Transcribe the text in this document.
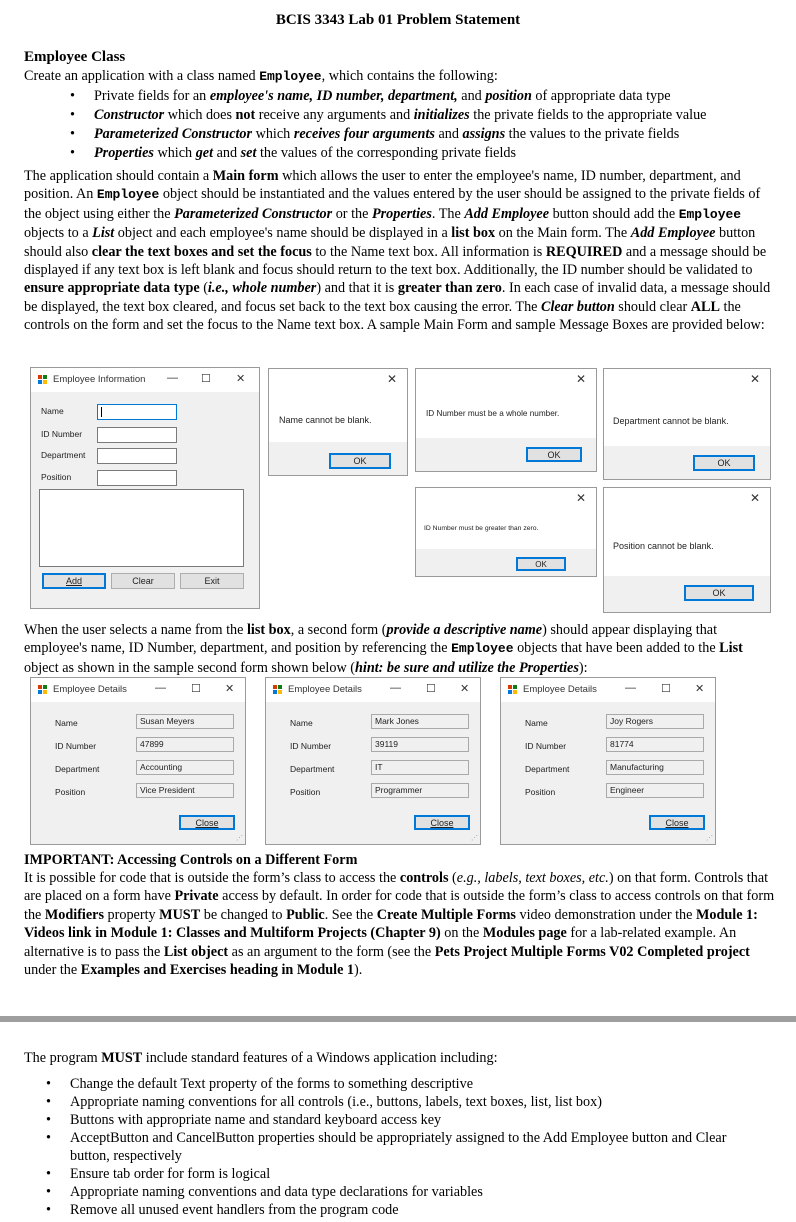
BCIS 3343 Lab 01 Problem Statement
Employee Class
Create an application with a class named Employee, which contains the following:
• Private fields for an employee's name, ID number, department, and position of appropriate data type
• Constructor which does not receive any arguments and initializes the private fields to the appropriate value
• Parameterized Constructor which receives four arguments and assigns the values to the private fields
• Properties which get and set the values of the corresponding private fields
The application should contain a Main form which allows the user to enter the employee's name, ID number, department, and position. An Employee object should be instantiated and the values entered by the user should be assigned to the private fields of the object using either the Parameterized Constructor or the Properties. The Add Employee button should add the Employee objects to a List object and each employee's name should be displayed in a list box on the Main form. The Add Employee button should also clear the text boxes and set the focus to the Name text box. All information is REQUIRED and a message should be displayed if any text box is left blank and focus should return to the text box. Additionally, the ID number should be validated to ensure appropriate data type (i.e., whole number) and that it is greater than zero. In each case of invalid data, a message should be displayed, the text box cleared, and focus set back to the text box causing the error. The Clear button should clear ALL the controls on the form and set the focus to the Name text box. A sample Main Form and sample Message Boxes are provided below:
Employee Information — ☐ ✕
Name
ID Number
Department
Position
Add	Clear	Exit
✕
Name cannot be blank.
OK
✕
ID Number must be a whole number.
OK
✕
Department cannot be blank.
OK
✕
ID Number must be greater than zero.
OK
✕
Position cannot be blank.
OK
When the user selects a name from the list box, a second form (provide a descriptive name) should appear displaying that employee's name, ID Number, department, and position by referencing the Employee objects that have been added to the List object as shown in the sample second form shown below (hint: be sure and utilize the Properties):
Employee Details	— ☐ ✕
Name	Susan Meyers
ID Number	47899
Department	Accounting
Position	Vice President
Close
⋰
Employee Details	— ☐ ✕
Name	Mark Jones
ID Number	39119
Department	IT
Position	Programmer
Close
⋰
Employee Details	— ☐ ✕
Name	Joy Rogers
ID Number	81774
Department	Manufacturing
Position	Engineer
Close
⋰
IMPORTANT: Accessing Controls on a Different Form
It is possible for code that is outside the form’s class to access the controls (e.g., labels, text boxes, etc.) on that form. Controls that are placed on a form have Private access by default. In order for code that is outside the form’s class to access controls on that form the Modifiers property MUST be changed to Public. See the Create Multiple Forms video demonstration under the Module 1: Videos link in Module 1: Classes and Multiform Projects (Chapter 9) on the Modules page for a lab-related example. An alternative is to pass the List object as an argument to the form (see the Pets Project Multiple Forms V02 Completed project under the Examples and Exercises heading in Module 1).
The program MUST include standard features of a Windows application including:
• Change the default Text property of the forms to something descriptive
• Appropriate naming conventions for all controls (i.e., buttons, labels, text boxes, list, list box)
• Buttons with appropriate name and standard keyboard access key
• AcceptButton and CancelButton properties should be appropriately assigned to the Add Employee button and Clear button, respectively
• Ensure tab order for form is logical
• Appropriate naming conventions and data type declarations for variables
• Remove all unused event handlers from the program code
